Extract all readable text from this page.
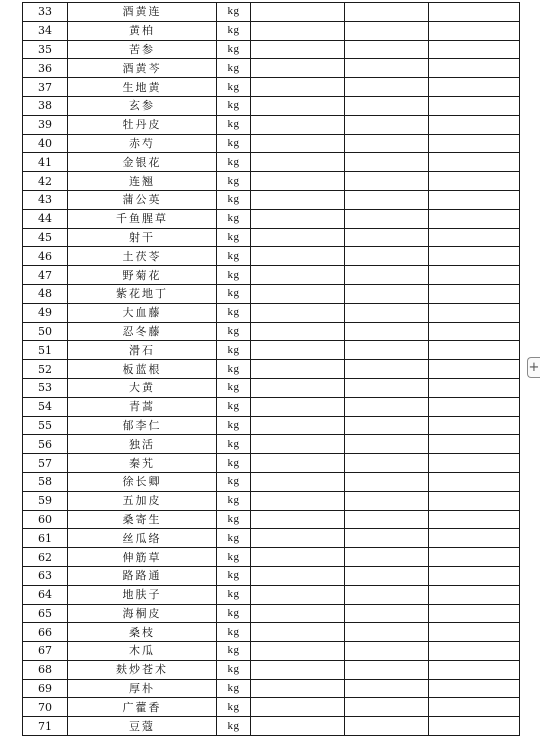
33	酒黄连	kg			
34	黄柏	kg			
35	苦参	kg			
36	酒黄芩	kg			
37	生地黄	kg			
38	玄参	kg			
39	牡丹皮	kg			
40	赤芍	kg			
41	金银花	kg			
42	连翘	kg			
43	蒲公英	kg			
44	千鱼腥草	kg			
45	射干	kg			
46	土茯苓	kg			
47	野菊花	kg			
48	紫花地丁	kg			
49	大血藤	kg			
50	忍冬藤	kg			
51	滑石	kg			
52	板蓝根	kg			
53	大黄	kg			
54	青蒿	kg			
55	郁李仁	kg			
56	独活	kg			
57	秦艽	kg			
58	徐长卿	kg			
59	五加皮	kg			
60	桑寄生	kg			
61	丝瓜络	kg			
62	伸筋草	kg			
63	路路通	kg			
64	地肤子	kg			
65	海桐皮	kg			
66	桑枝	kg			
67	木瓜	kg			
68	麸炒苍术	kg			
69	厚朴	kg			
70	广藿香	kg			
71	豆蔻	kg			
+
